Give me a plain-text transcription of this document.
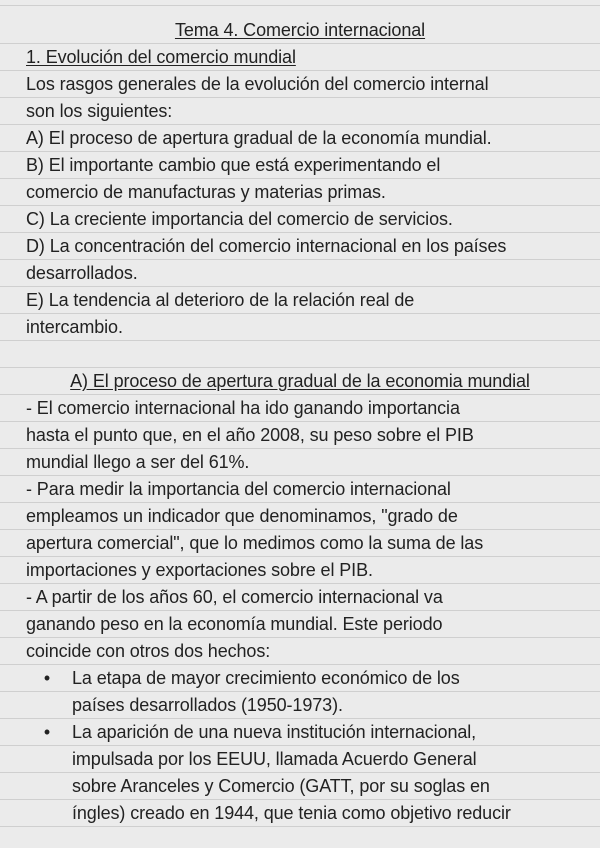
Tema 4. Comercio internacional
1. Evolución del comercio mundial
Los rasgos generales de la evolución del comercio internal
son los siguientes:
A) El proceso de apertura gradual de la economía mundial.
B) El importante cambio que está experimentando el
comercio de manufacturas y materias primas.
C) La creciente importancia del comercio de servicios.
D) La concentración del comercio internacional en los países
desarrollados.
E) La tendencia al deterioro de la relación real de
intercambio.
A) El proceso de apertura gradual de la economia mundial
- El comercio internacional ha ido ganando importancia
hasta el punto que, en el año 2008, su peso sobre el PIB
mundial llego a ser del 61%.
- Para medir la importancia del comercio internacional
empleamos un indicador que denominamos, "grado de
apertura comercial", que lo medimos como la suma de las
importaciones y exportaciones sobre el PIB.
- A partir de los años 60, el comercio internacional va
ganando peso en la economía mundial. Este periodo
coincide con otros dos hechos:
• La etapa de mayor crecimiento económico de los
países desarrollados (1950-1973).
• La aparición de una nueva institución internacional,
impulsada por los EEUU, llamada Acuerdo General
sobre Aranceles y Comercio (GATT, por su soglas en
íngles) creado en 1944, que tenia como objetivo reducir
